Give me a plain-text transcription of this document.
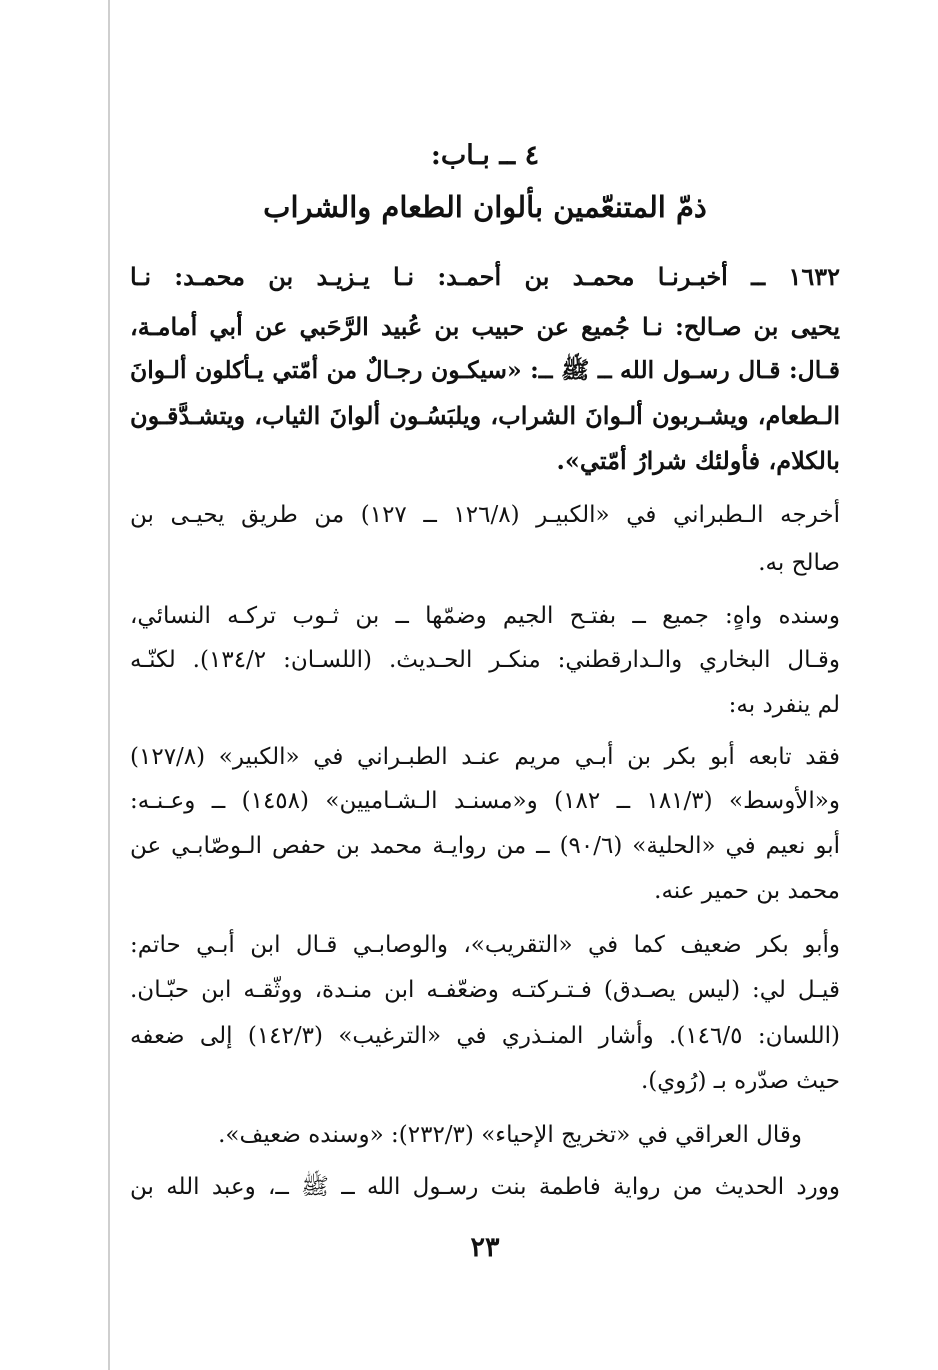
٤ ــ بـاب:
ذمّ المتنعّمين بألوان الطعام والشراب
١٦٣٢ ــ أخبـرنـا محمـد بن أحمـد: نـا يـزيـد بن محمـد: نـا
يحيى بن صـالح: نـا جُميع عن حبيب بن عُبيد الرَّحَبي عن أبي أمامـة،
قـال: قـال رسـول الله ــ ﷺ ــ: «سيكـون رجـالٌ من أمّتي يـأكلون ألـوانَ
الـطعام، ويشـربون ألـوانَ الشراب، ويلبَسُـون ألوانَ الثياب، ويتشـدَّقـون
بالكلام، فأولئك شرارُ أمّتي».
أخرجه الـطبراني في «الكبيـر (١٢٦/٨ ــ ١٢٧) من طريق يحيـى بن
صالح به.
وسنده واهٍ: جميع ــ بفتـح الجيم وضمّها ــ بن ثـوب تركـه النسائي،
وقـال البخاري والـدارقطني: منكـر الحـديث. (اللسـان: ١٣٤/٢). لكنّـه
لم ينفرد به:
فقد تابعه أبو بكر بن أبـي مريم عنـد الطبـراني في «الكبير» (١٢٧/٨)
و«الأوسط» (١٨١/٣ ــ ١٨٢) و«مسنـد الـشـاميين» (١٤٥٨) ــ وعـنـه:
أبو نعيم في «الحلية» (٩٠/٦) ــ من روايـة محمد بن حفص الـوصّابـي عن
محمد بن حمير عنه.
وأبو بكر ضعيف كما في «التقريب»، والوصابـي قـال ابن أبـي حاتم:
قيـل لي: (ليس يصـدق) فـتـركتـه وضعّفـه ابن منـدة، ووثّقـه ابن حبّـان.
(اللسان: ١٤٦/٥). وأشار المنـذري في «الترغيب» (١٤٢/٣) إلى ضعفه
حيث صدّره بـ (رُوي).
وقال العراقي في «تخريج الإحياء» (٢٣٢/٣): «وسنده ضعيف».
وورد الحديث من رواية فاطمة بنت رسـول الله ــ ﷺ ــ، وعبد الله بن
٢٣
